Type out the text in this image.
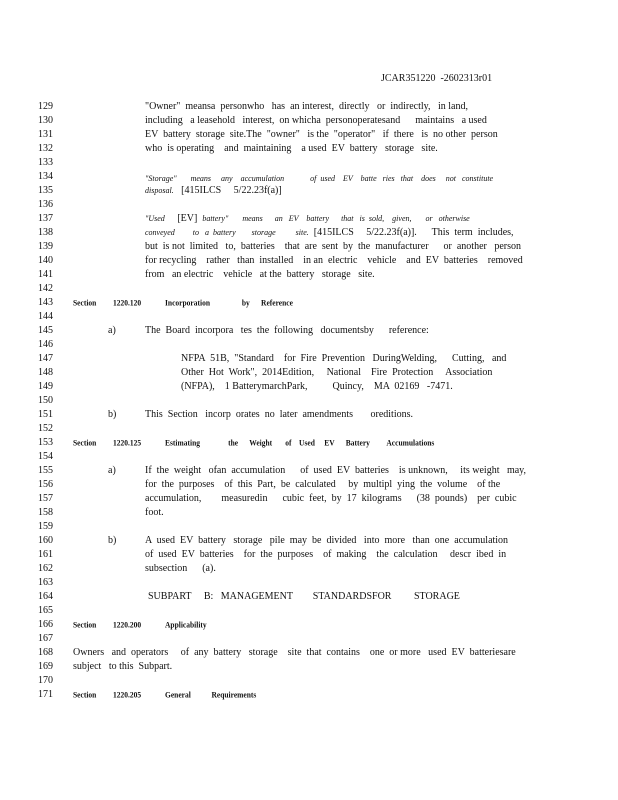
JCAR351220  -2602313r01
129
130
131
132
133
134
135
136
137
138
139
140
141
142
143
144
145
146
147
148
149
150
151
152
153
154
155
156
157
158
159
160
161
162
163
164
165
166
167
168
169
170
171
"Owner"  meansa  personwho   has  an interest,  directly   or  indirectly,   in land,
including   a leasehold   interest,  on whicha  personoperatesand      maintains   a used
EV  battery  storage  site.The  "owner"   is the  "operator"   if  there   is  no other  person
who  is operating    and  maintaining    a used  EV  battery   storage   site.
"Storage"       means     any    accumulation             of  used    EV    batte   ries   that    does     not   constitute
disposal.   [415ILCS     5/22.23f(a)]
"Used [EV] battery"       means      an   EV    battery      that   is  sold,    given,       or   otherwise
conveyed         to   a  battery        storage          site.  [415ILCS     5/22.23f(a)].      This  term  includes,
but  is not  limited   to,  batteries    that  are  sent  by  the  manufacturer      or  another   person
for recycling    rather   than  installed    in an  electric    vehicle    and  EV  batteries    removed
from   an electric    vehicle   at the  battery   storage   site.
Section 1220.120	Incorporation                 by      Reference
a)	The  Board  incorpora   tes  the  following   documentsby      reference:
NFPA  51B,  "Standard    for  Fire  Prevention   DuringWelding,      Cutting,   and
Other  Hot  Work",  2014Edition,     National    Fire  Protection     Association
(NFPA),    1 BatterymarchPark,          Quincy,    MA  02169   -7471.
b)	This  Section   incorp  orates  no  later  amendments       oreditions.
Section 1220.125	Estimating               the      Weight       of    Used     EV      Battery         Accumulations
a)	If  the  weight   ofan  accumulation      of  used  EV  batteries    is unknown,     its weight   may,
for  the  purposes    of  this  Part,  be  calculated     by  multipl  ying  the  volume    of the
accumulation,        measuredin      cubic  feet,  by  17  kilograms      (38  pounds)    per  cubic
foot.
b)	A  used  EV  battery   storage   pile  may  be  divided   into  more   than  one  accumulation
of  used  EV  batteries    for  the  purposes    of  making    the  calculation     descr  ibed  in
subsection      (a).
SUBPART     B:   MANAGEMENT        STANDARDSFOR         STORAGE
Section 1220.200	Applicability
Owners   and  operators     of  any  battery   storage    site  that  contains    one  or more   used  EV  batteriesare
subject   to this  Subpart.
Section 1220.205	General           Requirements
